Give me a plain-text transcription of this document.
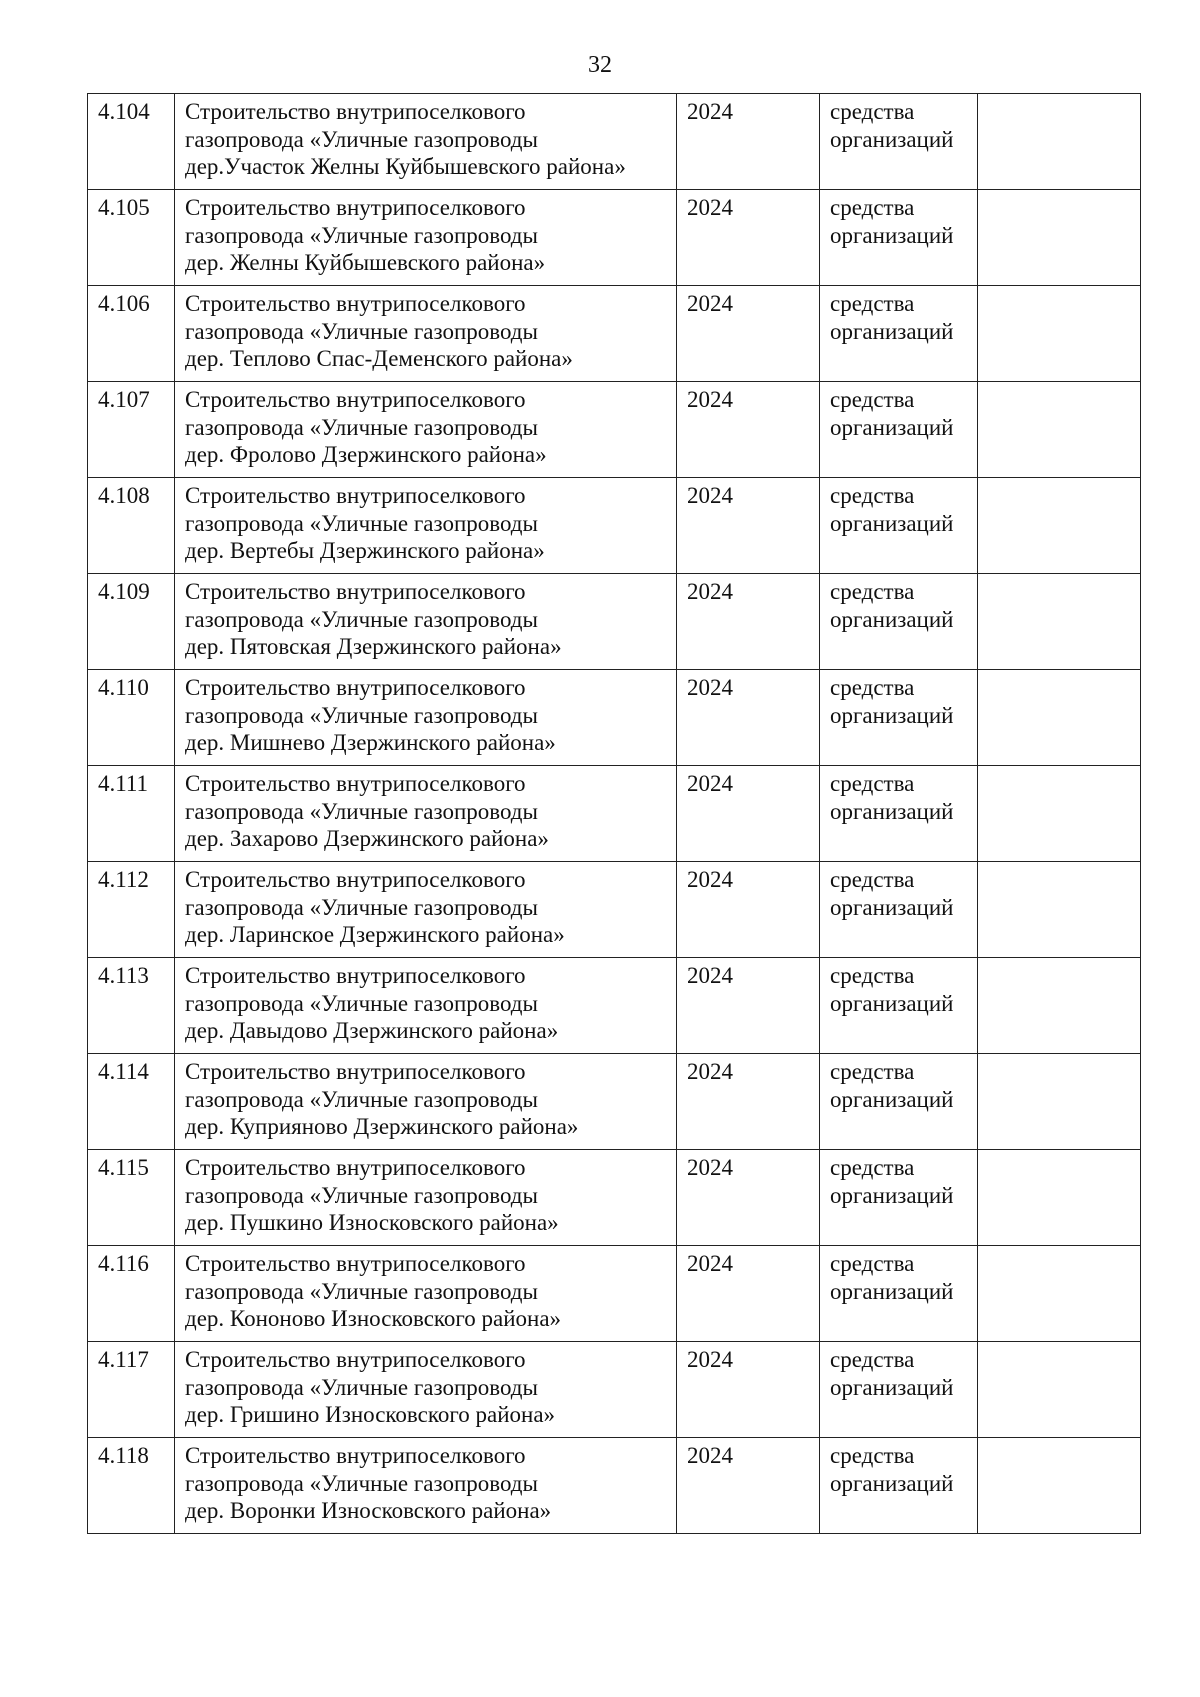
32
4.104	Строительство внутрипоселкового
газопровода «Уличные газопроводы
дер.Участок Желны Куйбышевского района»	2024	средства
организаций	

4.105	Строительство внутрипоселкового
газопровода «Уличные газопроводы
дер. Желны Куйбышевского района»	2024	средства
организаций	

4.106	Строительство внутрипоселкового
газопровода «Уличные газопроводы
дер. Теплово Спас-Деменского района»	2024	средства
организаций	

4.107	Строительство внутрипоселкового
газопровода «Уличные газопроводы
дер. Фролово Дзержинского района»	2024	средства
организаций	

4.108	Строительство внутрипоселкового
газопровода «Уличные газопроводы
дер. Вертебы Дзержинского района»	2024	средства
организаций	

4.109	Строительство внутрипоселкового
газопровода «Уличные газопроводы
дер. Пятовская Дзержинского района»	2024	средства
организаций	

4.110	Строительство внутрипоселкового
газопровода «Уличные газопроводы
дер. Мишнево Дзержинского района»	2024	средства
организаций	

4.111	Строительство внутрипоселкового
газопровода «Уличные газопроводы
дер. Захарово Дзержинского района»	2024	средства
организаций	

4.112	Строительство внутрипоселкового
газопровода «Уличные газопроводы
дер. Ларинское Дзержинского района»	2024	средства
организаций	

4.113	Строительство внутрипоселкового
газопровода «Уличные газопроводы
дер. Давыдово Дзержинского района»	2024	средства
организаций	

4.114	Строительство внутрипоселкового
газопровода «Уличные газопроводы
дер. Куприяново Дзержинского района»	2024	средства
организаций	

4.115	Строительство внутрипоселкового
газопровода «Уличные газопроводы
дер. Пушкино Износковского района»	2024	средства
организаций	

4.116	Строительство внутрипоселкового
газопровода «Уличные газопроводы
дер. Кононово Износковского района»	2024	средства
организаций	

4.117	Строительство внутрипоселкового
газопровода «Уличные газопроводы
дер. Гришино Износковского района»	2024	средства
организаций	

4.118	Строительство внутрипоселкового
газопровода «Уличные газопроводы
дер. Воронки Износковского района»	2024	средства
организаций	
